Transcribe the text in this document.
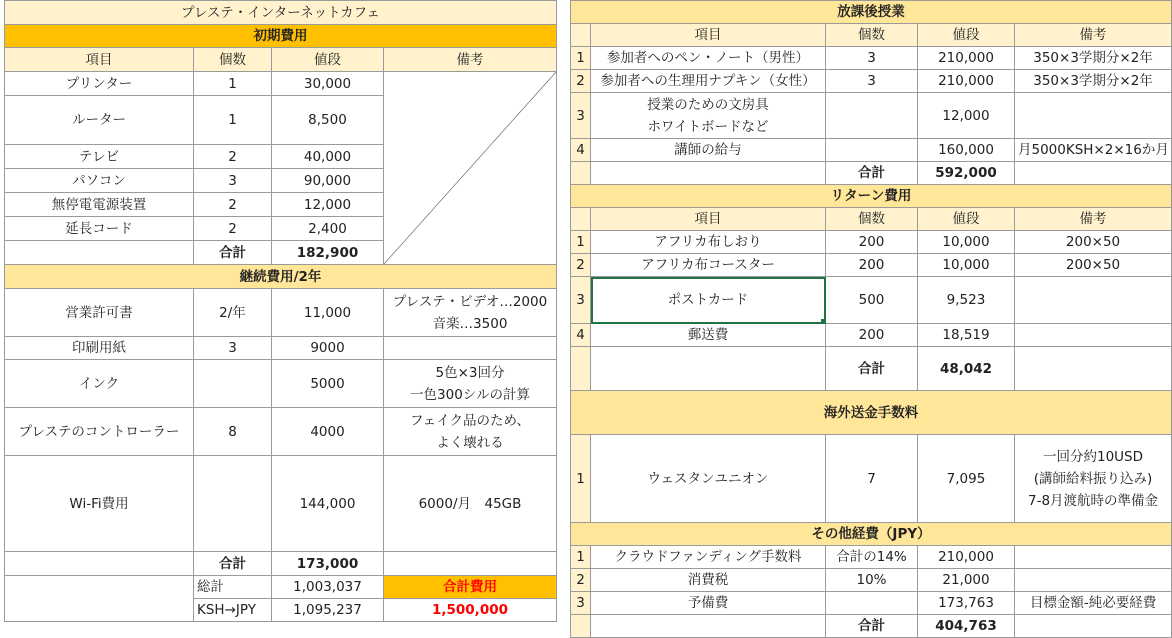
プレステ・インターネットカフェ			
初期費用			
項目	個数	値段	備考
プリンター	1	30,000	

ルーター	1	8,500	
テレビ	2	40,000	
パソコン	3	90,000	
無停電電源装置	2	12,000	
延長コード	2	2,400	
	合計	182,900	
継続費用/2年			
営業許可書	2/年	11,000	プレステ・ビデオ…2000
音楽…3500

印刷用紙	3	9000	
インク		5000	5色×3回分
一色300シルの計算

プレステのコントローラー	8	4000	フェイク品のため、
よく壊れる

Wi-Fi費用		144,000	6000/月　45GB
	合計	173,000	
	総計	1,003,037	合計費用
	KSH→JPY	1,095,237	1,500,000
放課後授業				
	項目	個数	値段	備考
1	参加者へのペン・ノート（男性）	3	210,000	350×3学期分×2年
2	参加者への生理用ナプキン（女性）	3	210,000	350×3学期分×2年
3	授業のための文房具
ホワイトボードなど		12,000	
4	講師の給与		160,000	月5000KSH×2×16か月
		合計	592,000	
リターン費用				
	項目	個数	値段	備考
1	アフリカ布しおり	200	10,000	200×50
2	アフリカ布コースター	200	10,000	200×50
3	ポストカード	500	9,523	
4	郵送費	200	18,519	
		合計	48,042	
海外送金手数料				
1	ウェスタンユニオン	7	7,095	一回分約10USD
(講師給料振り込み)
7-8月渡航時の準備金

その他経費（JPY）				
1	クラウドファンディング手数料	合計の14%	210,000	
2	消費税	10%	21,000	
3	予備費		173,763	目標金額-純必要経費
		合計	404,763	
